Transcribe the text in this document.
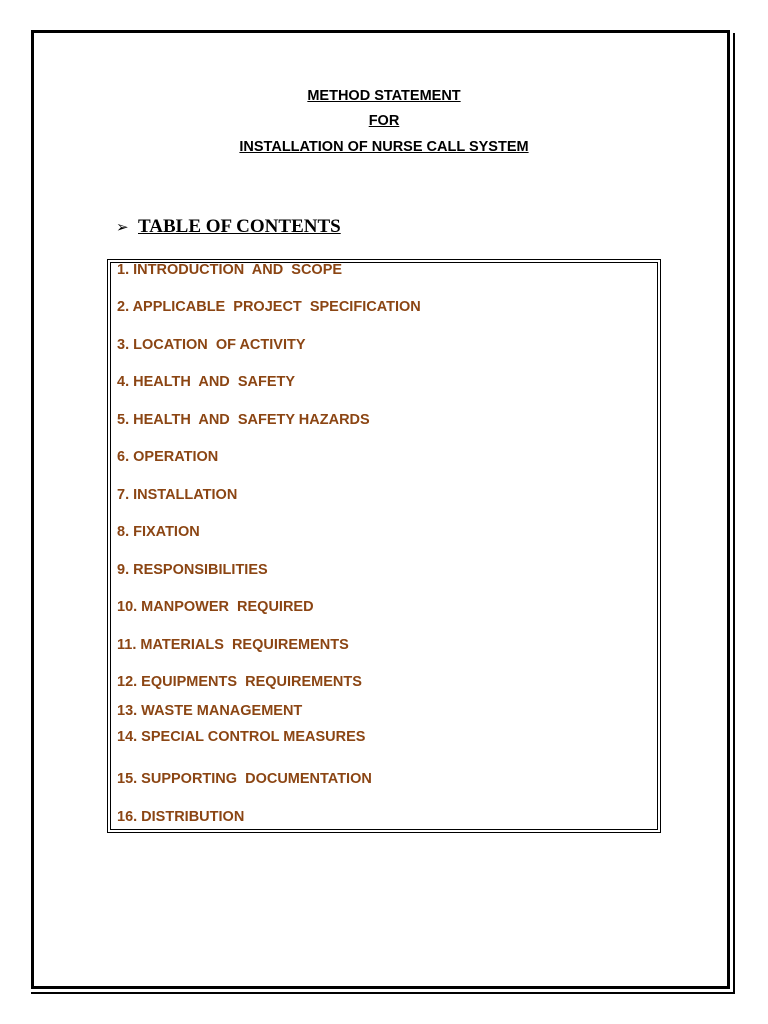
METHOD STATEMENT
FOR
INSTALLATION OF NURSE CALL SYSTEM
➢ TABLE OF CONTENTS
1. INTRODUCTION  AND  SCOPE
2. APPLICABLE  PROJECT  SPECIFICATION
3. LOCATION  OF ACTIVITY
4. HEALTH  AND  SAFETY
5. HEALTH  AND  SAFETY HAZARDS
6. OPERATION
7. INSTALLATION
8. FIXATION
9. RESPONSIBILITIES
10. MANPOWER  REQUIRED
11. MATERIALS  REQUIREMENTS
12. EQUIPMENTS  REQUIREMENTS
13. WASTE MANAGEMENT
14. SPECIAL CONTROL MEASURES
15. SUPPORTING  DOCUMENTATION
16. DISTRIBUTION
